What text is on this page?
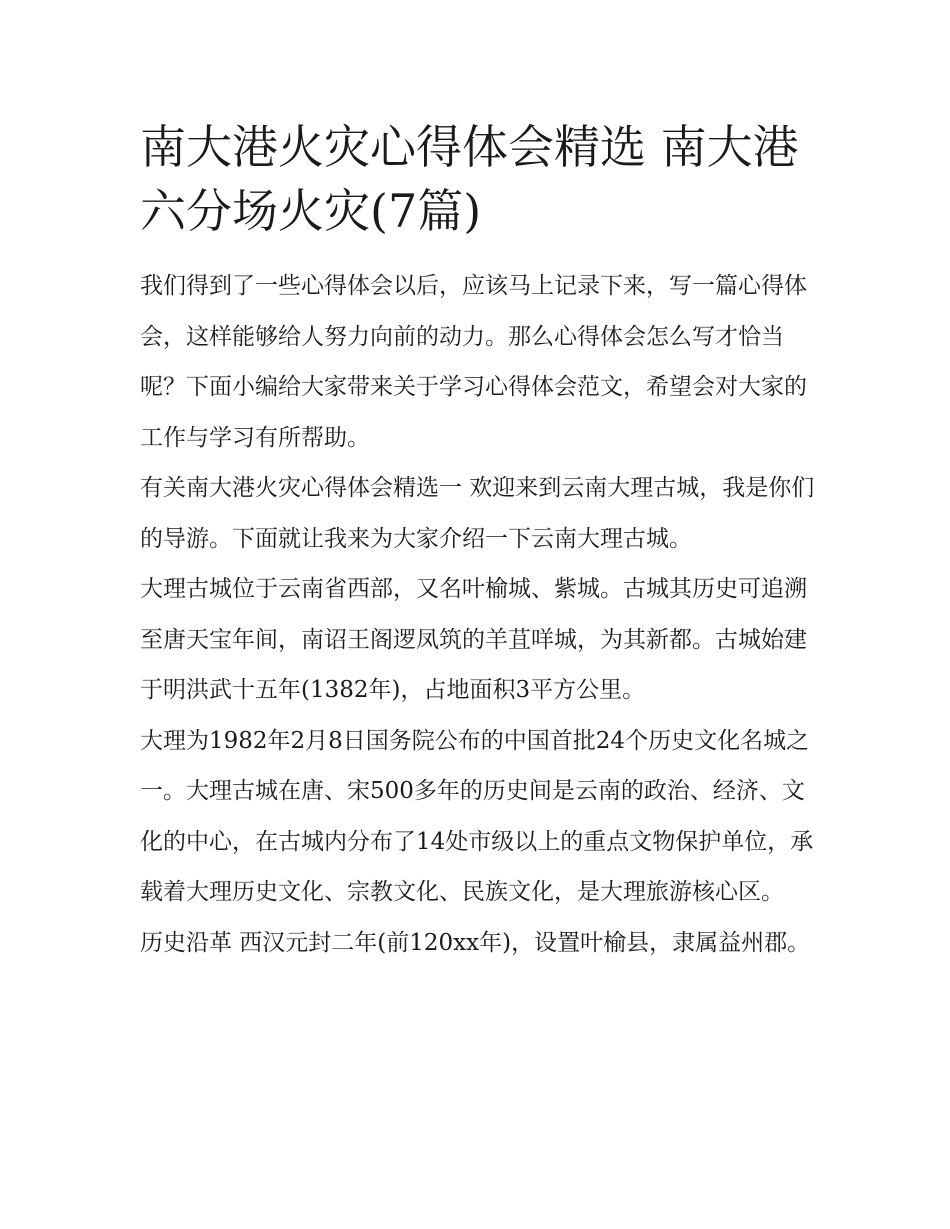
南大港火灾心得体会精选 南大港六分场火灾(7篇)

我们得到了一些心得体会以后，应该马上记录下来，写一篇心得体会，这样能够给人努力向前的动力。那么心得体会怎么写才恰当呢？下面小编给大家带来关于学习心得体会范文，希望会对大家的工作与学习有所帮助。

有关南大港火灾心得体会精选一 欢迎来到云南大理古城，我是你们的导游。下面就让我来为大家介绍一下云南大理古城。

大理古城位于云南省西部，又名叶榆城、紫城。古城其历史可追溯至唐天宝年间，南诏王阁逻凤筑的羊苴咩城，为其新都。古城始建于明洪武十五年(1382年)，占地面积3平方公里。

大理为1982年2月8日国务院公布的中国首批24个历史文化名城之一。大理古城在唐、宋500多年的历史间是云南的政治、经济、文化的中心，在古城内分布了14处市级以上的重点文物保护单位，承载着大理历史文化、宗教文化、民族文化，是大理旅游核心区。

历史沿革 西汉元封二年(前120xx年)，设置叶榆县，隶属益州郡。
